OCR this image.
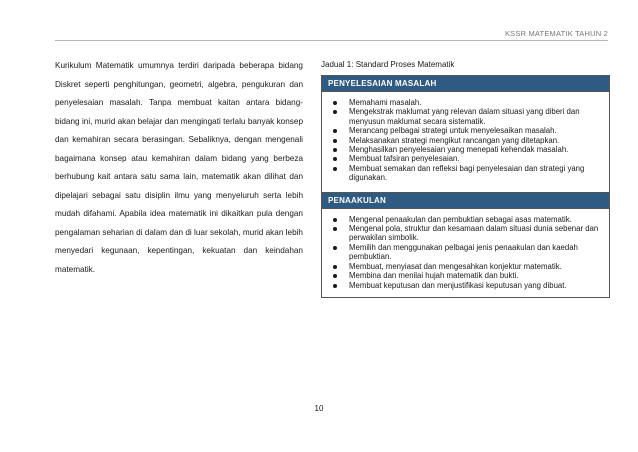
KSSR MATEMATIK TAHUN 2

Kurikulum Matematik umumnya terdiri daripada beberapa bidang Diskret seperti penghitungan, geometri, algebra, pengukuran dan penyelesaian masalah. Tanpa membuat kaitan antara bidang-bidang ini, murid akan belajar dan mengingati terlalu banyak konsep dan kemahiran secara berasingan. Sebaliknya, dengan mengenali bagaimana konsep atau kemahiran dalam bidang yang berbeza berhubung kait antara satu sama lain, matematik akan dilihat dan dipelajari sebagai satu disiplin ilmu yang menyeluruh serta lebih mudah difahami. Apabila idea matematik ini dikaitkan pula dengan pengalaman seharian di dalam dan di luar sekolah, murid akan lebih menyedari kegunaan, kepentingan, kekuatan dan keindahan matematik.

Jadual 1: Standard Proses Matematik
PENYELESAIAN MASALAH
Memahami masalah.
Mengekstrak maklumat yang relevan dalam situasi yang diberi dan menyusun maklumat secara sistematik.
Merancang pelbagai strategi untuk menyelesaikan masalah.
Melaksanakan strategi mengikut rancangan yang ditetapkan.
Menghasilkan penyelesaian yang menepati kehendak masalah.
Membuat tafsiran penyelesaian.
Membuat semakan dan refleksi bagi penyelesaian dan strategi yang digunakan.
PENAAKULAN
Mengenal penaakulan dan pembuktian sebagai asas matematik.
Mengenal pola, struktur dan kesamaan dalam situasi dunia sebenar dan perwakilan simbolik.
Memilih dan menggunakan pelbagai jenis penaakulan dan kaedah pembuktian.
Membuat, menyiasat dan mengesahkan konjektur matematik.
Membina dan menilai hujah matematik dan bukti.
Membuat keputusan dan menjustifikasi keputusan yang dibuat.
10
